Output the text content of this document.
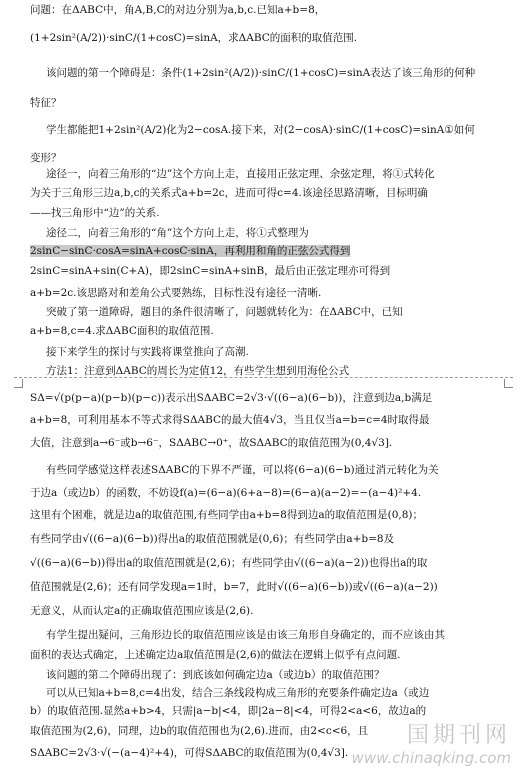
问题：在ΔABC中，角A,B,C的对边分别为a,b,c.已知a+b=8，
(1+2sin²(A/2))·sinC/(1+cosC)=sinA，求ΔABC的面积的取值范围.
该问题的第一个障碍是：条件(1+2sin²(A/2))·sinC/(1+cosC)=sinA表达了该三角形的何种
特征？
学生都能把1+2sin²(A/2)化为2−cosA.接下来，对(2−cosA)·sinC/(1+cosC)=sinA①如何
变形？
途径一，向着三角形的“边”这个方向上走，直接用正弦定理、余弦定理，将①式转化
为关于三角形三边a,b,c的关系式a+b=2c，进而可得c=4.该途径思路清晰，目标明确
——找三角形中“边”的关系.
途径二，向着三角形的“角”这个方向上走，将①式整理为
2sinC−sinC·cosA=sinA+cosC·sinA，再利用和角的正弦公式得到
2sinC=sinA+sin(C+A)，即2sinC=sinA+sinB，最后由正弦定理亦可得到
a+b=2c.该思路对和差角公式要熟练，目标性没有途径一清晰.
突破了第一道障碍，题目的条件很清晰了，问题就转化为：在ΔABC中，已知
a+b=8,c=4.求ΔABC面积的取值范围.
接下来学生的探讨与实践将课堂推向了高潮.
方法1：注意到ΔABC的周长为定值12，有些学生想到用海伦公式
SΔ=√(p(p−a)(p−b)(p−c))表示出SΔABC=2√3·√((6−a)(6−b))，注意到边a,b满足
a+b=8，可利用基本不等式求得SΔABC的最大值4√3，当且仅当a=b=c=4时取得最
大值，注意到a→6⁻或b→6⁻，SΔABC→0⁺，故SΔABC的取值范围为(0,4√3].
有些同学感觉这样表述SΔABC的下界不严谨，可以将(6−a)(6−b)通过消元转化为关
于边a（或边b）的函数，不妨设f(a)=(6−a)(6+a−8)=(6−a)(a−2)=−(a−4)²+4.
这里有个困难，就是边a的取值范围,有些同学由a+b=8得到边a的取值范围是(0,8)；
有些同学由√((6−a)(6−b))得出a的取值范围就是(0,6)；有些同学由a+b=8及
√((6−a)(6−b))得出a的取值范围就是(2,6)；有些同学由√((6−a)(a−2))也得出a的取
值范围就是(2,6)；还有同学发现a=1时，b=7，此时√((6−a)(6−b))或√((6−a)(a−2))
无意义，从而认定a的正确取值范围应该是(2,6).
有学生提出疑问，三角形边长的取值范围应该是由该三角形自身确定的，而不应该由其
面积的表达式确定，上述确定边a取值范围是(2,6)的做法在逻辑上似乎有点问题.
该问题的第二个障碍出现了：到底该如何确定边a（或边b）的取值范围？
可以从已知a+b=8,c=4出发，结合三条线段构成三角形的充要条件确定边a（或边
b）的取值范围.显然a+b>4，只需|a−b|<4，即|2a−8|<4，可得2<a<6，故边a的
取值范围为(2,6)，同理，边b的取值范围也为(2,6).进而，由2<c<6，且
SΔABC=2√3·√(−(a−4)²+4)，可得SΔABC的取值范围为(0,4√3].
国期刊网
www.chinaqking.com
